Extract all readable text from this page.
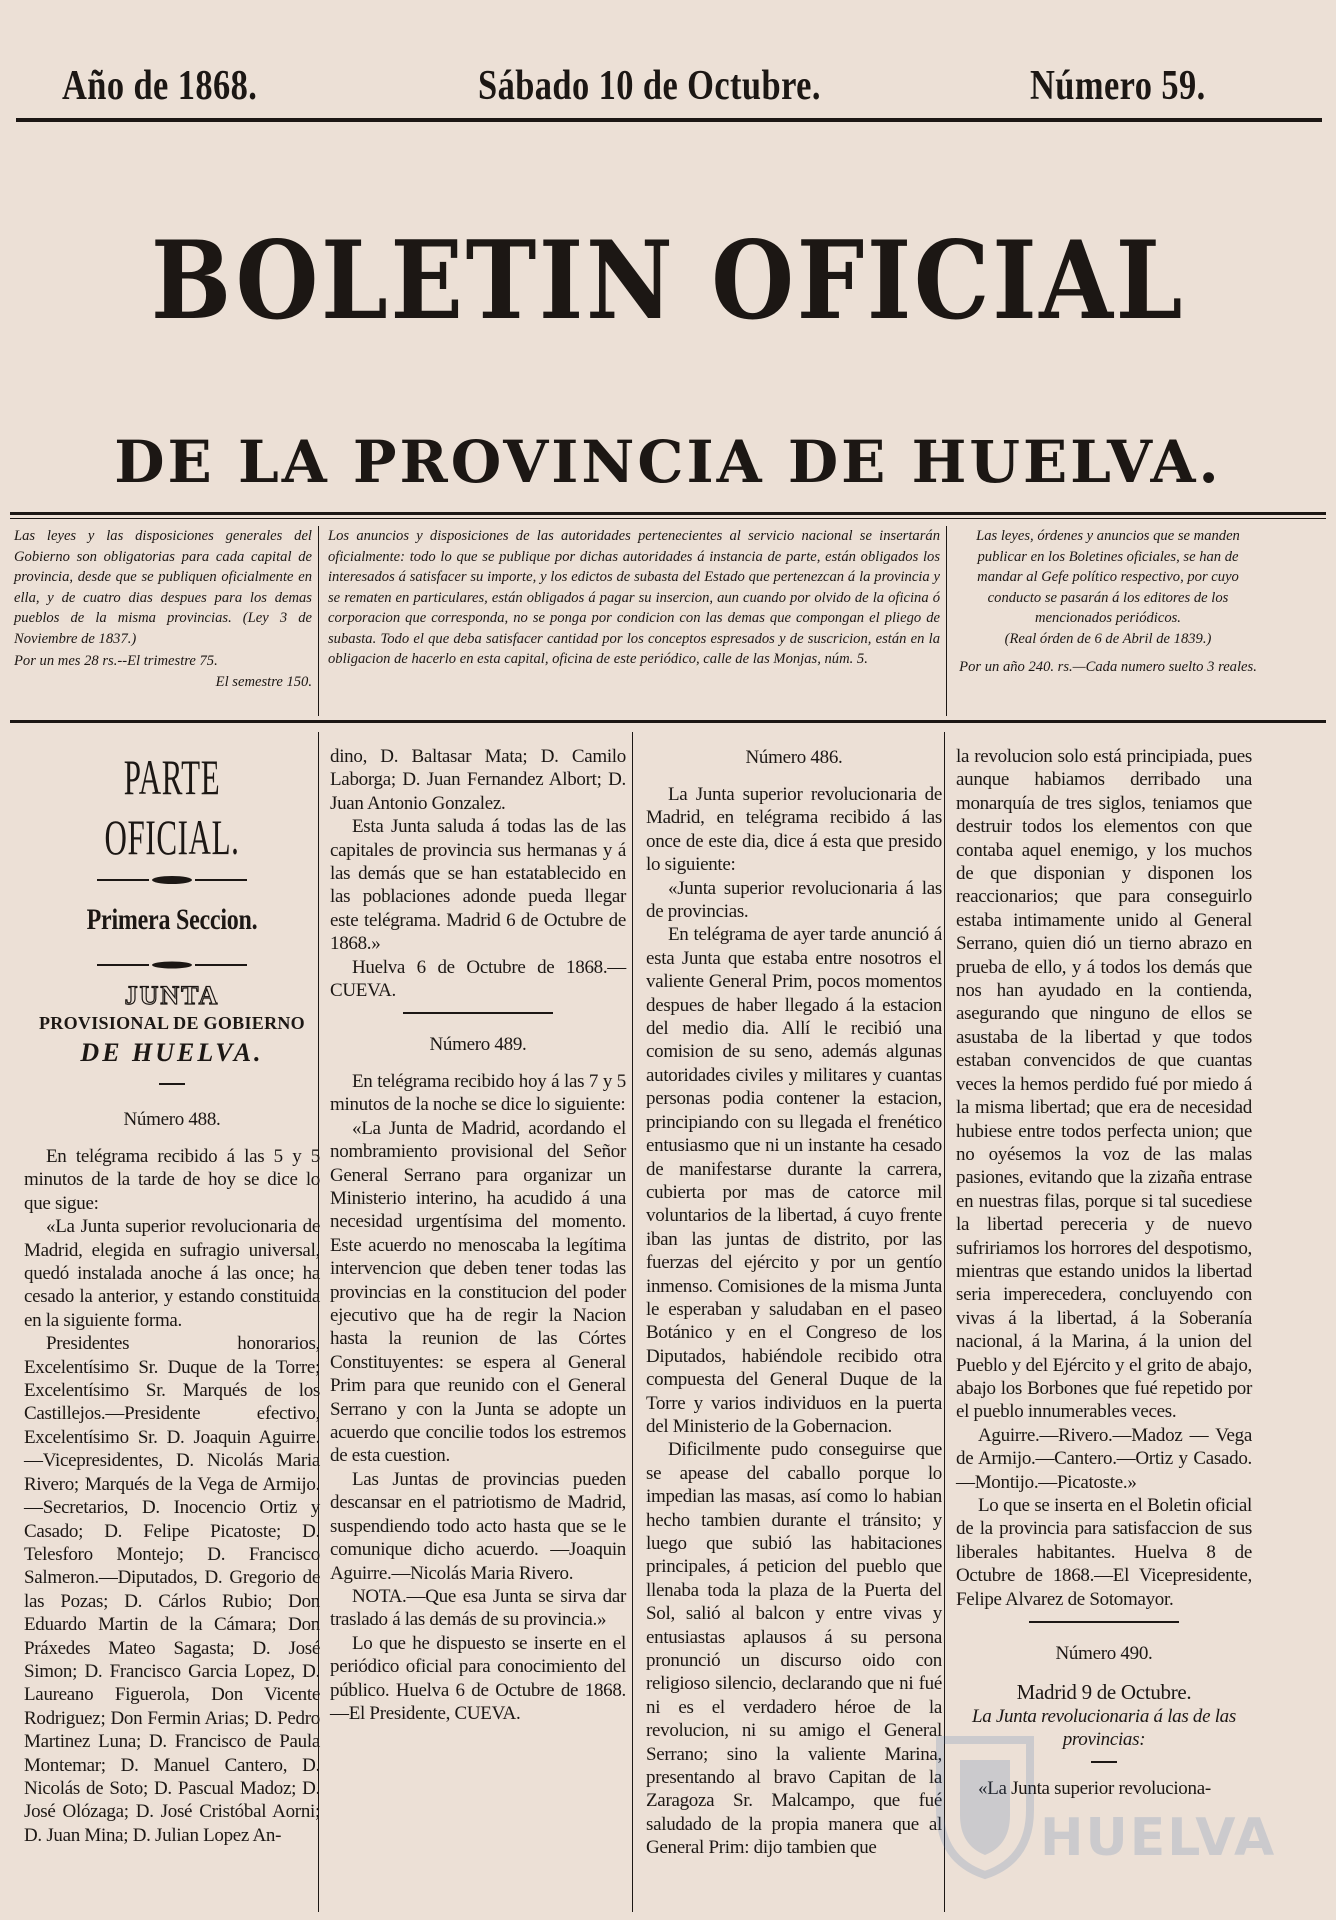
Año de 1868.	Sábado 10 de Octubre.	Número 59.
BOLETIN OFICIAL
DE LA PROVINCIA DE HUELVA.

Las leyes y las disposiciones generales del Gobierno son obligatorias para cada capital de provincia, desde que se publiquen oficialmente en ella, y de cuatro dias despues para los demas pueblos de la misma provincias. (Ley 3 de Noviembre de 1837.)

Por un mes 28 rs.--El trimestre 75.

El semestre 150.

Los anuncios y disposiciones de las autoridades pertenecientes al servicio nacional se insertarán oficialmente: todo lo que se publique por dichas autoridades á instancia de parte, están obligados los interesados á satisfacer su importe, y los edictos de subasta del Estado que pertenezcan á la provincia y se rematen en particulares, están obligados á pagar su insercion, aun cuando por olvido de la oficina ó corporacion que corresponda, no se ponga por condicion con las demas que compongan el pliego de subasta. Todo el que deba satisfacer cantidad por los conceptos espresados y de suscricion, están en la obligacion de hacerlo en esta capital, oficina de este periódico, calle de las Monjas, núm. 5.

Las leyes, órdenes y anuncios que se manden publicar en los Boletines oficiales, se han de mandar al Gefe político respectivo, por cuyo conducto se pasarán á los editores de los mencionados periódicos.

(Real órden de 6 de Abril de 1839.)

Por un año 240. rs.—Cada numero suelto 3 reales.

PARTE OFICIAL.
Primera Seccion.
JUNTA
PROVISIONAL DE GOBIERNO
DE HUELVA.
Número 488.

En telégrama recibido á las 5 y 5 minutos de la tarde de hoy se dice lo que sigue:

«La Junta superior revolucionaria de Madrid, elegida en sufragio universal, quedó instalada anoche á las once; ha cesado la anterior, y estando constituida en la siguiente forma.

Presidentes honorarios, Excelentísimo Sr. Duque de la Torre; Excelentísimo Sr. Marqués de los Castillejos.—Presidente efectivo, Excelentísimo Sr. D. Joaquin Aguirre.—Vicepresidentes, D. Nicolás Maria Rivero; Marqués de la Vega de Armijo.—Secretarios, D. Inocencio Ortiz y Casado; D. Felipe Picatoste; D. Telesforo Montejo; D. Francisco Salmeron.—Diputados, D. Gregorio de las Pozas; D. Cárlos Rubio; Don Eduardo Martin de la Cámara; Don Práxedes Mateo Sagasta; D. José Simon; D. Francisco Garcia Lopez, D. Laureano Figuerola, Don Vicente Rodriguez; Don Fermin Arias; D. Pedro Martinez Luna; D. Francisco de Paula Montemar; D. Manuel Cantero, D. Nicolás de Soto; D. Pascual Madoz; D. José Olózaga; D. José Cristóbal Aorni; D. Juan Mina; D. Julian Lopez An-

dino, D. Baltasar Mata; D. Camilo Laborga; D. Juan Fernandez Albort; D. Juan Antonio Gonzalez.

Esta Junta saluda á todas las de las capitales de provincia sus hermanas y á las demás que se han estatablecido en las poblaciones adonde pueda llegar este telégrama. Madrid 6 de Octubre de 1868.»

Huelva 6 de Octubre de 1868.—CUEVA.

Número 489.

En telégrama recibido hoy á las 7 y 5 minutos de la noche se dice lo siguiente:

«La Junta de Madrid, acordando el nombramiento provisional del Señor General Serrano para organizar un Ministerio interino, ha acudido á una necesidad urgentísima del momento. Este acuerdo no menoscaba la legítima intervencion que deben tener todas las provincias en la constitucion del poder ejecutivo que ha de regir la Nacion hasta la reunion de las Córtes Constituyentes: se espera al General Prim para que reunido con el General Serrano y con la Junta se adopte un acuerdo que concilie todos los estremos de esta cuestion.

Las Juntas de provincias pueden descansar en el patriotismo de Madrid, suspendiendo todo acto hasta que se le comunique dicho acuerdo. —Joaquin Aguirre.—Nicolás Maria Rivero.

NOTA.—Que esa Junta se sirva dar traslado á las demás de su provincia.»

Lo que he dispuesto se inserte en el periódico oficial para conocimiento del público. Huelva 6 de Octubre de 1868.—El Presidente, CUEVA.

Número 486.

La Junta superior revolucionaria de Madrid, en telégrama recibido á las once de este dia, dice á esta que presido lo siguiente:

«Junta superior revolucionaria á las de provincias.

En telégrama de ayer tarde anunció á esta Junta que estaba entre nosotros el valiente General Prim, pocos momentos despues de haber llegado á la estacion del medio dia. Allí le recibió una comision de su seno, además algunas autoridades civiles y militares y cuantas personas podia contener la estacion, principiando con su llegada el frenético entusiasmo que ni un instante ha cesado de manifestarse durante la carrera, cubierta por mas de catorce mil voluntarios de la libertad, á cuyo frente iban las juntas de distrito, por las fuerzas del ejército y por un gentío inmenso. Comisiones de la misma Junta le esperaban y saludaban en el paseo Botánico y en el Congreso de los Diputados, habiéndole recibido otra compuesta del General Duque de la Torre y varios individuos en la puerta del Ministerio de la Gobernacion.

Dificilmente pudo conseguirse que se apease del caballo porque lo impedian las masas, así como lo habian hecho tambien durante el tránsito; y luego que subió las habitaciones principales, á peticion del pueblo que llenaba toda la plaza de la Puerta del Sol, salió al balcon y entre vivas y entusiastas aplausos á su persona pronunció un discurso oido con religioso silencio, declarando que ni fué ni es el verdadero héroe de la revolucion, ni su amigo el General Serrano; sino la valiente Marina, presentando al bravo Capitan de la Zaragoza Sr. Malcampo, que fué saludado de la propia manera que al General Prim: dijo tambien que

la revolucion solo está principiada, pues aunque habiamos derribado una monarquía de tres siglos, teniamos que destruir todos los elementos con que contaba aquel enemigo, y los muchos de que disponian y disponen los reaccionarios; que para conseguirlo estaba intimamente unido al General Serrano, quien dió un tierno abrazo en prueba de ello, y á todos los demás que nos han ayudado en la contienda, asegurando que ninguno de ellos se asustaba de la libertad y que todos estaban convencidos de que cuantas veces la hemos perdido fué por miedo á la misma libertad; que era de necesidad hubiese entre todos perfecta union; que no oyésemos la voz de las malas pasiones, evitando que la zizaña entrase en nuestras filas, porque si tal sucediese la libertad pereceria y de nuevo sufririamos los horrores del despotismo, mientras que estando unidos la libertad seria imperecedera, concluyendo con vivas á la libertad, á la Soberanía nacional, á la Marina, á la union del Pueblo y del Ejército y el grito de abajo, abajo los Borbones que fué repetido por el pueblo innumerables veces.

Aguirre.—Rivero.—Madoz — Vega de Armijo.—Cantero.—Ortiz y Casado.—Montijo.—Picatoste.»

Lo que se inserta en el Boletin oficial de la provincia para satisfaccion de sus liberales habitantes. Huelva 8 de Octubre de 1868.—El Vicepresidente, Felipe Alvarez de Sotomayor.

Número 490.
Madrid 9 de Octubre.
La Junta revolucionaria á las de las provincias:

«La Junta superior revoluciona-

HUELVA
